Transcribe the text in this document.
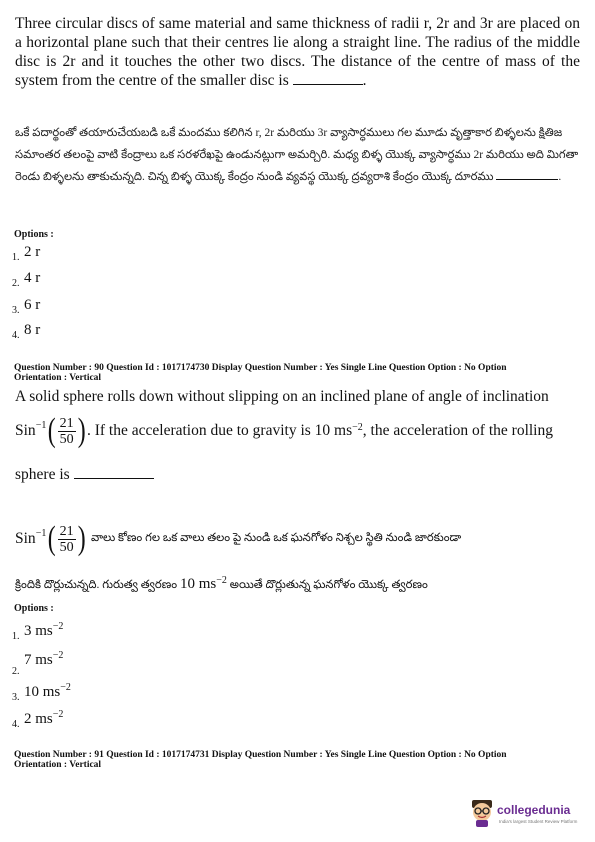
Three circular discs of same material and same thickness of radii r, 2r and 3r are placed on a horizontal plane such that their centres lie along a straight line. The radius of the middle disc is 2r and it touches the other two discs. The distance of the centre of mass of the system from the centre of the smaller disc is	.
ఒకే పదార్థంతో తయారుచేయబడి ఒకే మందము కలిగిన r, 2r మరియు 3r వ్యాసార్ధములు గల మూడు వృత్తాకార బిళ్ళలను క్షితిజ సమాంతర తలంపై వాటి కేంద్రాలు ఒక సరళరేఖపై ఉండునట్లుగా అమర్చిరి. మధ్య బిళ్ళ యొక్క వ్యాసార్ధము 2r మరియు అది మిగతా రెండు బిళ్ళలను తాకుచున్నది. చిన్న బిళ్ళ యొక్క కేంద్రం నుండి వ్యవస్థ యొక్క ద్రవ్యరాశి కేంద్రం యొక్క దూరము	.
Options :
1. 2 r
2. 4 r
3. 6 r
4. 8 r
Question Number : 90 Question Id : 1017174730 Display Question Number : Yes Single Line Question Option : No Option
Orientation : Vertical
A solid sphere rolls down without slipping on an inclined plane of angle of inclination
Sin$^{-1}$ ( $\frac{21}{50}$ ) . If the acceleration due to gravity is 10 $ms^{-2}$ , the acceleration of the rolling
sphere is
Sin$^{-1}$ ( $\frac{21}{50}$ ) వాలు కోణం గల ఒక వాలు తలం పై నుండి ఒక ఘనగోళం నిశ్చల స్థితి నుండి జారకుండా
క్రిందికి దొర్లుచున్నది. గురుత్వ త్వరణం 10 $ms^{-2}$ అయితే దొర్లుతున్న ఘనగోళం యొక్క త్వరణం
Options :
1. 3 $ms^{-2}$
2.7 $ms^{-2}$
3. 10 $ms^{-2}$
4. 2 $ms^{-2}$
Question Number : 91 Question Id : 1017174731 Display Question Number : Yes Single Line Question Option : No Option
Orientation : Vertical
collegedunia
India's largest Student Review Platform
